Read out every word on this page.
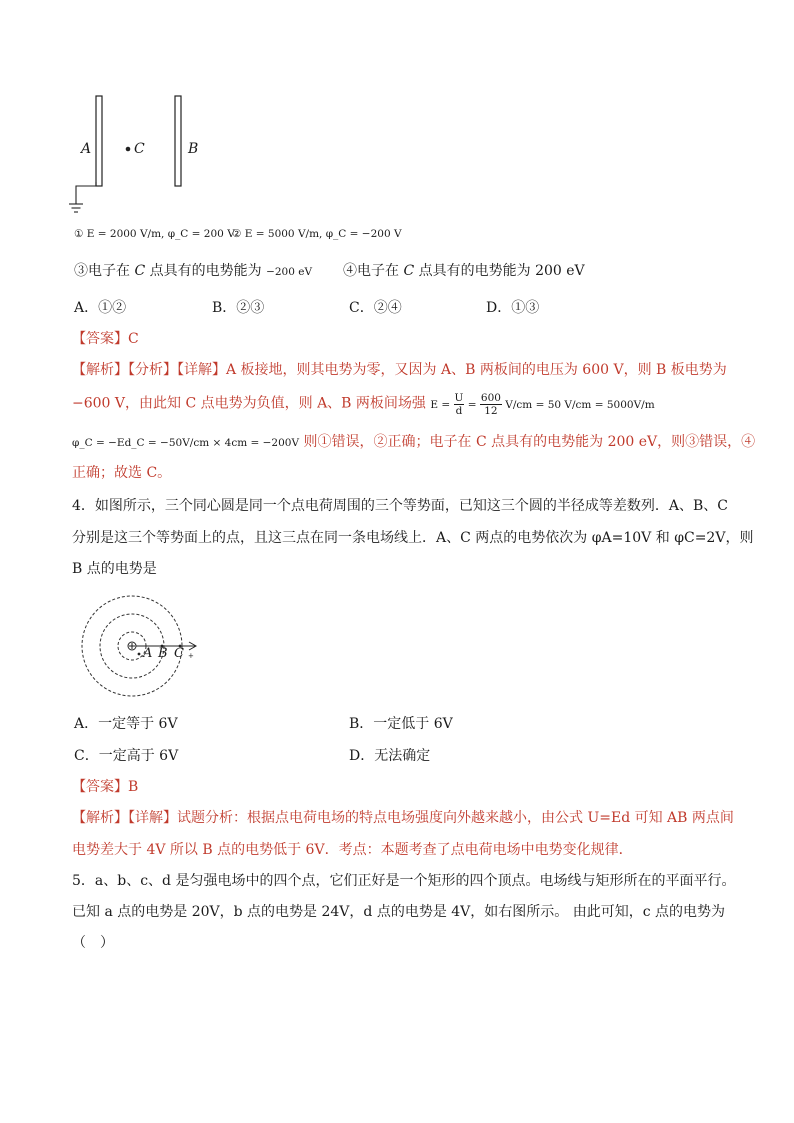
A	C	B
① E = 2000 V/m, φ_C = 200 V
② E = 5000 V/m, φ_C = −200 V
③电子在 C 点具有的电势能为 −200 eV ④电子在 C 点具有的电势能为 200 eV
A．①②	B．②③	C．②④	D．①③
【答案】C
【解析】【分析】【详解】A 板接地，则其电势为零，又因为 A、B 两板间的电压为 600 V，则 B 板电势为
−600 V，由此知 C 点电势为负值，则 A、B 两板间场强 $E = \frac{U}{d} = \frac{600}{12} V/cm = 50$ V/cm = 5000V/m
φ_C = −Ed_C = −50V/cm × 4cm = −200V 则①错误，②正确；电子在 C 点具有的电势能为 200 eV，则③错误，④
正确；故选 C。
4．如图所示，三个同心圆是同一个点电荷周围的三个等势面，已知这三个圆的半径成等差数列．A、B、C
分别是这三个等势面上的点，且这三点在同一条电场线上．A、C 两点的电势依次为 φA=10V 和 φC=2V，则
B 点的电势是
+
A B C
A．一定等于 6V	B．一定低于 6V
C．一定高于 6V	D．无法确定
【答案】B
【解析】【详解】试题分析：根据点电荷电场的特点电场强度向外越来越小，由公式 U=Ed 可知 AB 两点间
电势差大于 4V 所以 B 点的电势低于 6V．考点：本题考查了点电荷电场中电势变化规律．
5．a、b、c、d 是匀强电场中的四个点，它们正好是一个矩形的四个顶点。电场线与矩形所在的平面平行。
已知 a 点的电势是 20V，b 点的电势是 24V，d 点的电势是 4V，如右图所示。 由此可知，c 点的电势为
（　）
